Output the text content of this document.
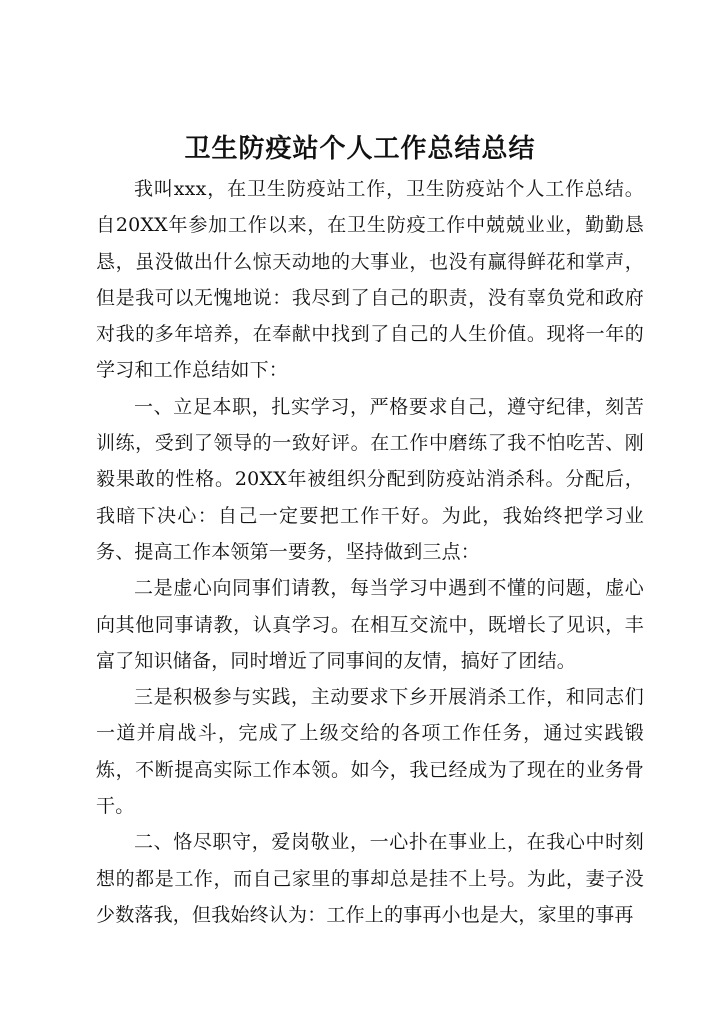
卫生防疫站个人工作总结总结

我叫xxx，在卫生防疫站工作，卫生防疫站个人工作总结。自20XX年参加工作以来，在卫生防疫工作中兢兢业业，勤勤恳恳，虽没做出什么惊天动地的大事业，也没有赢得鲜花和掌声，但是我可以无愧地说：我尽到了自己的职责，没有辜负党和政府对我的多年培养，在奉献中找到了自己的人生价值。现将一年的学习和工作总结如下：

一、立足本职，扎实学习，严格要求自己，遵守纪律，刻苦训练，受到了领导的一致好评。在工作中磨练了我不怕吃苦、刚毅果敢的性格。20XX年被组织分配到防疫站消杀科。分配后，我暗下决心：自己一定要把工作干好。为此，我始终把学习业务、提高工作本领第一要务，坚持做到三点：

二是虚心向同事们请教，每当学习中遇到不懂的问题，虚心向其他同事请教，认真学习。在相互交流中，既增长了见识，丰富了知识储备，同时增近了同事间的友情，搞好了团结。

三是积极参与实践，主动要求下乡开展消杀工作，和同志们一道并肩战斗，完成了上级交给的各项工作任务，通过实践锻炼，不断提高实际工作本领。如今，我已经成为了现在的业务骨干。

二、恪尽职守，爱岗敬业，一心扑在事业上，在我心中时刻想的都是工作，而自己家里的事却总是挂不上号。为此，妻子没少数落我，但我始终认为：工作上的事再小也是大，家里的事再
